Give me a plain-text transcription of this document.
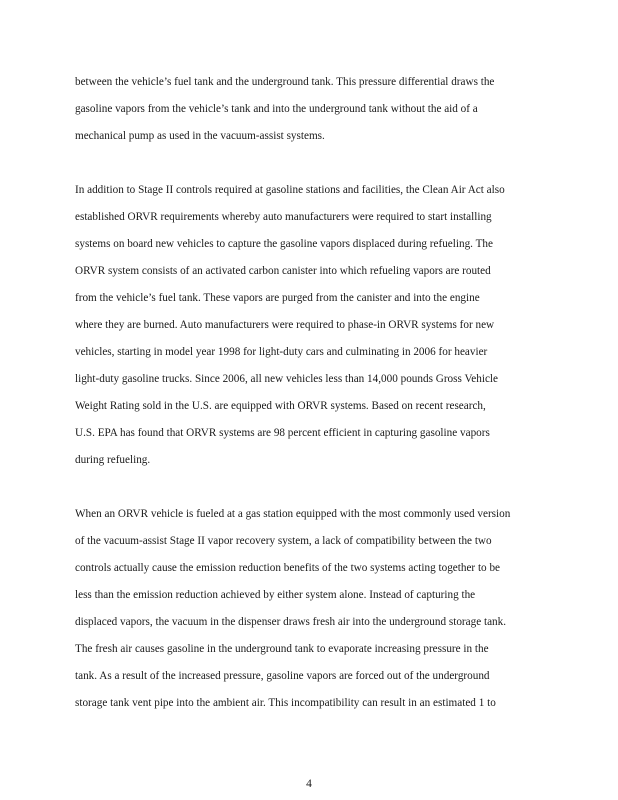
between the vehicle’s fuel tank and the underground tank. This pressure differential draws the
gasoline vapors from the vehicle’s tank and into the underground tank without the aid of a
mechanical pump as used in the vacuum-assist systems.
In addition to Stage II controls required at gasoline stations and facilities, the Clean Air Act also
established ORVR requirements whereby auto manufacturers were required to start installing
systems on board new vehicles to capture the gasoline vapors displaced during refueling. The
ORVR system consists of an activated carbon canister into which refueling vapors are routed
from the vehicle’s fuel tank. These vapors are purged from the canister and into the engine
where they are burned. Auto manufacturers were required to phase-in ORVR systems for new
vehicles, starting in model year 1998 for light-duty cars and culminating in 2006 for heavier
light-duty gasoline trucks. Since 2006, all new vehicles less than 14,000 pounds Gross Vehicle
Weight Rating sold in the U.S. are equipped with ORVR systems. Based on recent research,
U.S. EPA has found that ORVR systems are 98 percent efficient in capturing gasoline vapors
during refueling.
When an ORVR vehicle is fueled at a gas station equipped with the most commonly used version
of the vacuum-assist Stage II vapor recovery system, a lack of compatibility between the two
controls actually cause the emission reduction benefits of the two systems acting together to be
less than the emission reduction achieved by either system alone. Instead of capturing the
displaced vapors, the vacuum in the dispenser draws fresh air into the underground storage tank.
The fresh air causes gasoline in the underground tank to evaporate increasing pressure in the
tank. As a result of the increased pressure, gasoline vapors are forced out of the underground
storage tank vent pipe into the ambient air. This incompatibility can result in an estimated 1 to
4
